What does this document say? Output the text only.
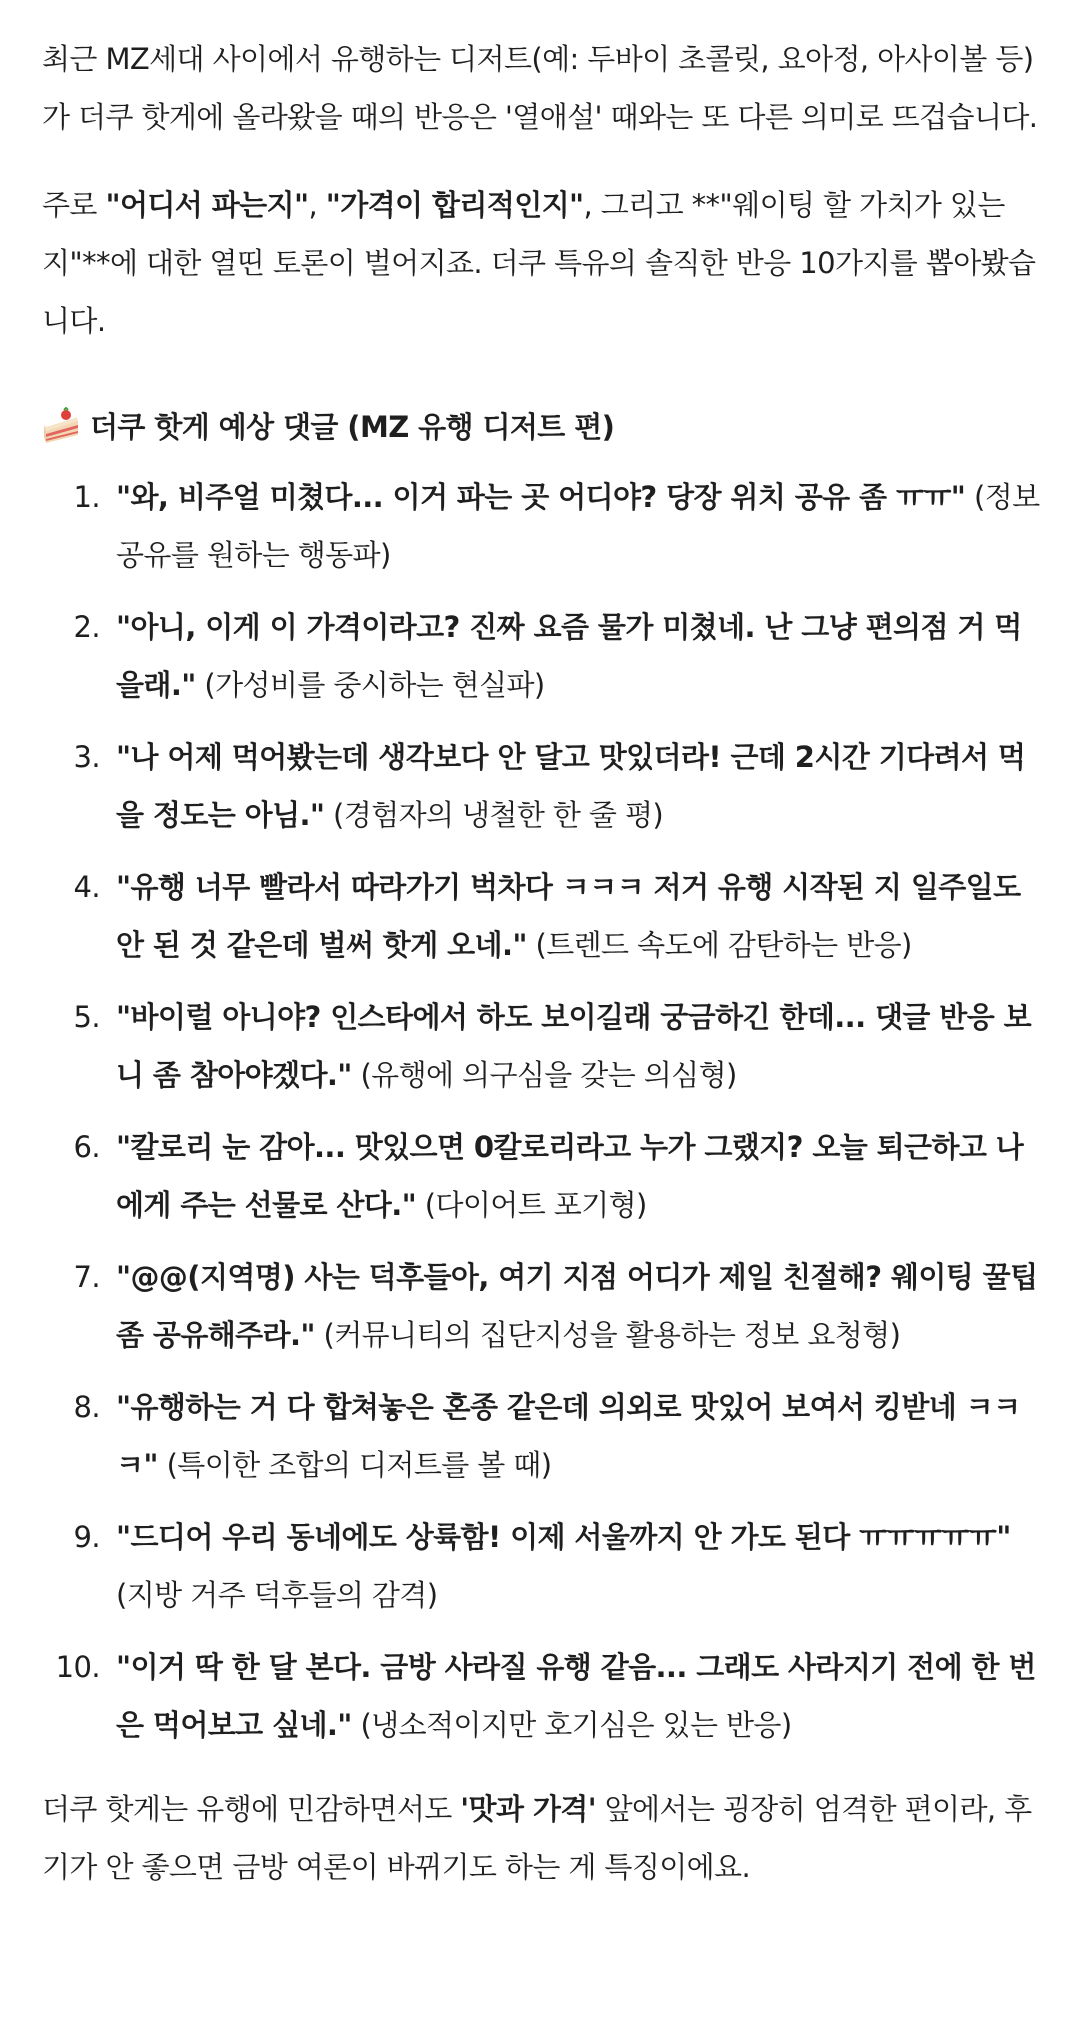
최근 MZ세대 사이에서 유행하는 디저트(예: 두바이 초콜릿, 요아정, 아사이볼 등)가 더쿠 핫게에 올라왔을 때의 반응은 '열애설' 때와는 또 다른 의미로 뜨겁습니다.

주로 "어디서 파는지", "가격이 합리적인지", 그리고 **"웨이팅 할 가치가 있는지"**에 대한 열띤 토론이 벌어지죠. 더쿠 특유의 솔직한 반응 10가지를 뽑아봤습니다.

더쿠 핫게 예상 댓글 (MZ 유행 디저트 편)
1. "와, 비주얼 미쳤다... 이거 파는 곳 어디야? 당장 위치 공유 좀 ㅠㅠ" (정보 공유를 원하는 행동파)
2. "아니, 이게 이 가격이라고? 진짜 요즘 물가 미쳤네. 난 그냥 편의점 거 먹을래." (가성비를 중시하는 현실파)
3. "나 어제 먹어봤는데 생각보다 안 달고 맛있더라! 근데 2시간 기다려서 먹을 정도는 아님." (경험자의 냉철한 한 줄 평)
4. "유행 너무 빨라서 따라가기 벅차다 ㅋㅋㅋ 저거 유행 시작된 지 일주일도 안 된 것 같은데 벌써 핫게 오네." (트렌드 속도에 감탄하는 반응)
5. "바이럴 아니야? 인스타에서 하도 보이길래 궁금하긴 한데... 댓글 반응 보니 좀 참아야겠다." (유행에 의구심을 갖는 의심형)
6. "칼로리 눈 감아... 맛있으면 0칼로리라고 누가 그랬지? 오늘 퇴근하고 나에게 주는 선물로 산다." (다이어트 포기형)
7. "@@(지역명) 사는 덕후들아, 여기 지점 어디가 제일 친절해? 웨이팅 꿀팁 좀 공유해주라." (커뮤니티의 집단지성을 활용하는 정보 요청형)
8. "유행하는 거 다 합쳐놓은 혼종 같은데 의외로 맛있어 보여서 킹받네 ㅋㅋㅋ" (특이한 조합의 디저트를 볼 때)
9. "드디어 우리 동네에도 상륙함! 이제 서울까지 안 가도 된다 ㅠㅠㅠㅠㅠ" (지방 거주 덕후들의 감격)
10. "이거 딱 한 달 본다. 금방 사라질 유행 같음... 그래도 사라지기 전에 한 번은 먹어보고 싶네." (냉소적이지만 호기심은 있는 반응)

더쿠 핫게는 유행에 민감하면서도 '맛과 가격' 앞에서는 굉장히 엄격한 편이라, 후기가 안 좋으면 금방 여론이 바뀌기도 하는 게 특징이에요.
